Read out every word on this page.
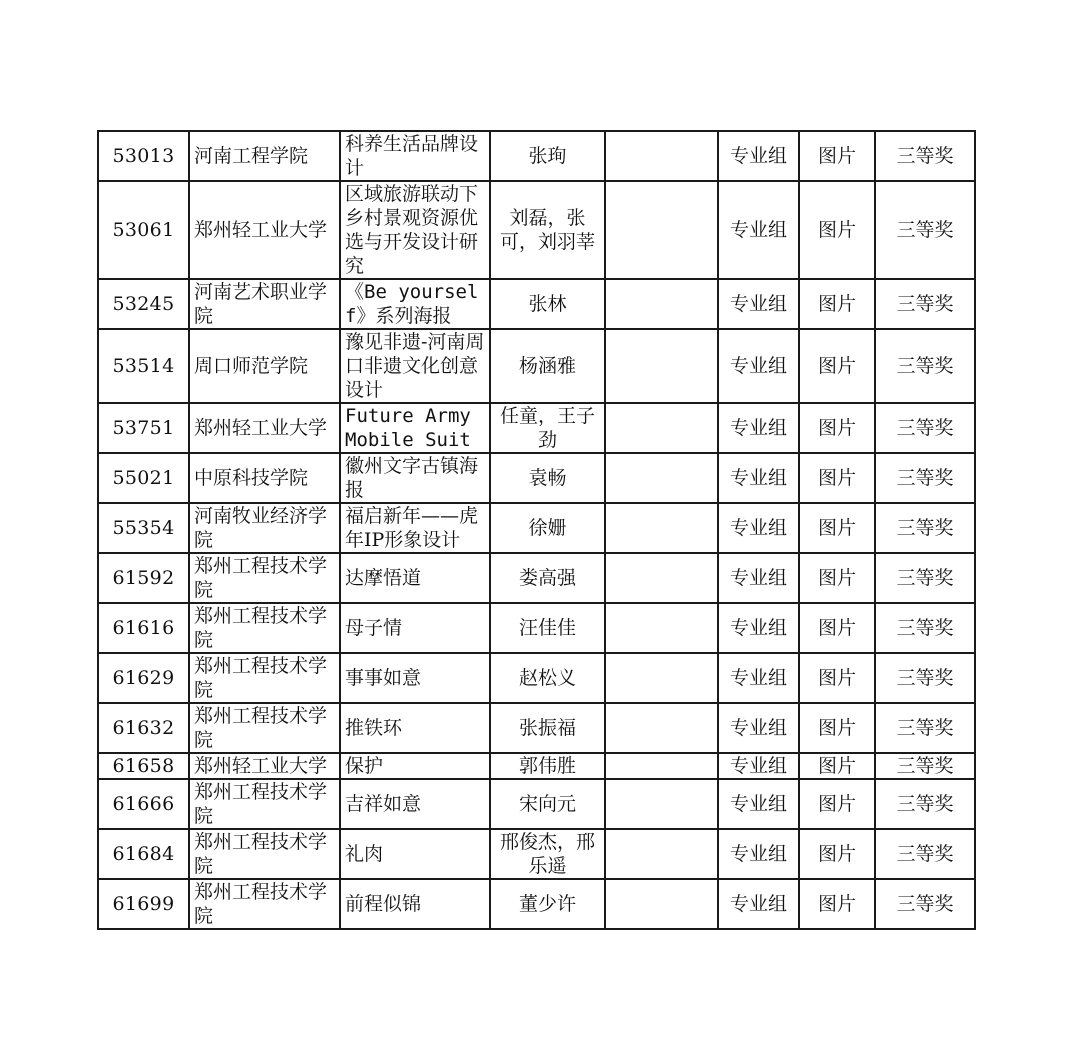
53013	河南工程学院	科养生活品牌设计	张珣		专业组	图片	三等奖
53061	郑州轻工业大学	区域旅游联动下乡村景观资源优选与开发设计研究	刘磊，张可，刘羽莘		专业组	图片	三等奖
53245	河南艺术职业学院	《Be yourself》系列海报	张林		专业组	图片	三等奖
53514	周口师范学院	豫见非遗-河南周口非遗文化创意设计	杨涵雅		专业组	图片	三等奖
53751	郑州轻工业大学	Future Army Mobile Suit	任童，王子劲		专业组	图片	三等奖
55021	中原科技学院	徽州文字古镇海报	袁畅		专业组	图片	三等奖
55354	河南牧业经济学院	福启新年——虎年IP形象设计	徐姗		专业组	图片	三等奖
61592	郑州工程技术学院	达摩悟道	娄高强		专业组	图片	三等奖
61616	郑州工程技术学院	母子情	汪佳佳		专业组	图片	三等奖
61629	郑州工程技术学院	事事如意	赵松义		专业组	图片	三等奖
61632	郑州工程技术学院	推铁环	张振福		专业组	图片	三等奖
61658	郑州轻工业大学	保护	郭伟胜		专业组	图片	三等奖
61666	郑州工程技术学院	吉祥如意	宋向元		专业组	图片	三等奖
61684	郑州工程技术学院	礼肉	邢俊杰，邢乐遥		专业组	图片	三等奖
61699	郑州工程技术学院	前程似锦	董少许		专业组	图片	三等奖
